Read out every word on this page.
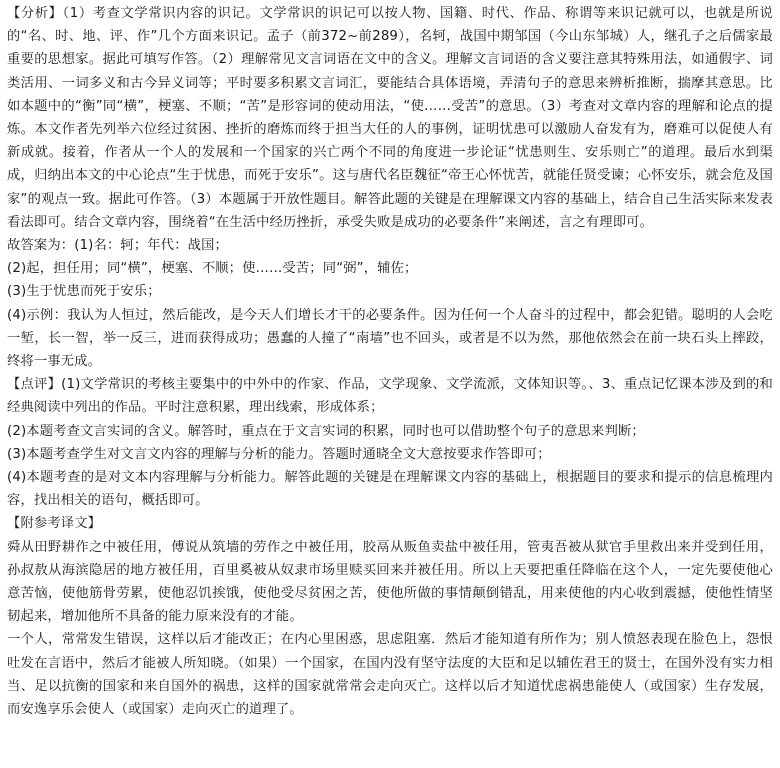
【分析】（1）考查文学常识内容的识记。文学常识的识记可以按人物、国籍、时代、作品、称谓等来识记就可以，也就是所说的“名、时、地、评、作”几个方面来识记。孟子（前372~前289），名轲，战国中期邹国（今山东邹城）人，继孔子之后儒家最重要的思想家。据此可填写作答。（2）理解常见文言词语在文中的含义。理解文言词语的含义要注意其特殊用法，如通假字、词类活用、一词多义和古今异义词等；平时要多积累文言词汇，要能结合具体语境，弄清句子的意思来辨析推断，揣摩其意思。比如本题中的“衡”同“横”，梗塞、不顺；“苦”是形容词的使动用法，“使……受苦”的意思。（3）考查对文章内容的理解和论点的提炼。本文作者先列举六位经过贫困、挫折的磨炼而终于担当大任的人的事例，证明忧患可以激励人奋发有为，磨难可以促使人有新成就。接着，作者从一个人的发展和一个国家的兴亡两个不同的角度进一步论证“忧患则生、安乐则亡”的道理。最后水到渠成，归纳出本文的中心论点“生于忧患，而死于安乐”。这与唐代名臣魏征“帝王心怀忧苦，就能任贤受谏；心怀安乐，就会危及国家”的观点一致。据此可作答。（3）本题属于开放性题目。解答此题的关键是在理解课文内容的基础上，结合自己生活实际来发表看法即可。结合文章内容，围绕着“在生活中经历挫折，承受失败是成功的必要条件”来阐述，言之有理即可。

故答案为：(1)名：轲；年代：战国；

(2)起，担任用；同“横”，梗塞、不顺；使……受苦；同“弼”，辅佐；

(3)生于忧患而死于安乐；

(4)示例：我认为人恒过，然后能改，是今天人们增长才干的必要条件。因为任何一个人奋斗的过程中，都会犯错。聪明的人会吃一堑，长一智，举一反三，进而获得成功；愚蠢的人撞了“南墙”也不回头，或者是不以为然，那他依然会在前一块石头上摔跤，终将一事无成。

【点评】(1)文学常识的考核主要集中的中外中的作家、作品，文学现象、文学流派，文体知识等。、3、重点记忆课本涉及到的和经典阅读中列出的作品。平时注意积累，理出线索，形成体系；

(2)本题考查文言实词的含义。解答时，重点在于文言实词的积累，同时也可以借助整个句子的意思来判断；

(3)本题考查学生对文言文内容的理解与分析的能力。答题时通晓全文大意按要求作答即可；

(4)本题考查的是对文本内容理解与分析能力。解答此题的关键是在理解课文内容的基础上，根据题目的要求和提示的信息梳理内容，找出相关的语句，概括即可。

【附参考译文】

舜从田野耕作之中被任用，傅说从筑墙的劳作之中被任用，胶鬲从贩鱼卖盐中被任用，管夷吾被从狱官手里救出来并受到任用，孙叔敖从海滨隐居的地方被任用，百里奚被从奴隶市场里赎买回来并被任用。所以上天要把重任降临在这个人，一定先要使他心意苦恼，使他筋骨劳累，使他忍饥挨饿，使他受尽贫困之苦，使他所做的事情颠倒错乱，用来使他的内心收到震撼，使他性情坚韧起来，增加他所不具备的能力原来没有的才能。

一个人，常常发生错误，这样以后才能改正；在内心里困惑，思虑阻塞．然后才能知道有所作为；别人愤怒表现在脸色上，怨恨吐发在言语中，然后才能被人所知晓。（如果）一个国家，在国内没有坚守法度的大臣和足以辅佐君王的贤士，在国外没有实力相当、足以抗衡的国家和来自国外的祸患，这样的国家就常常会走向灭亡。这样以后才知道忧虑祸患能使人（或国家）生存发展，而安逸享乐会使人（或国家）走向灭亡的道理了。
